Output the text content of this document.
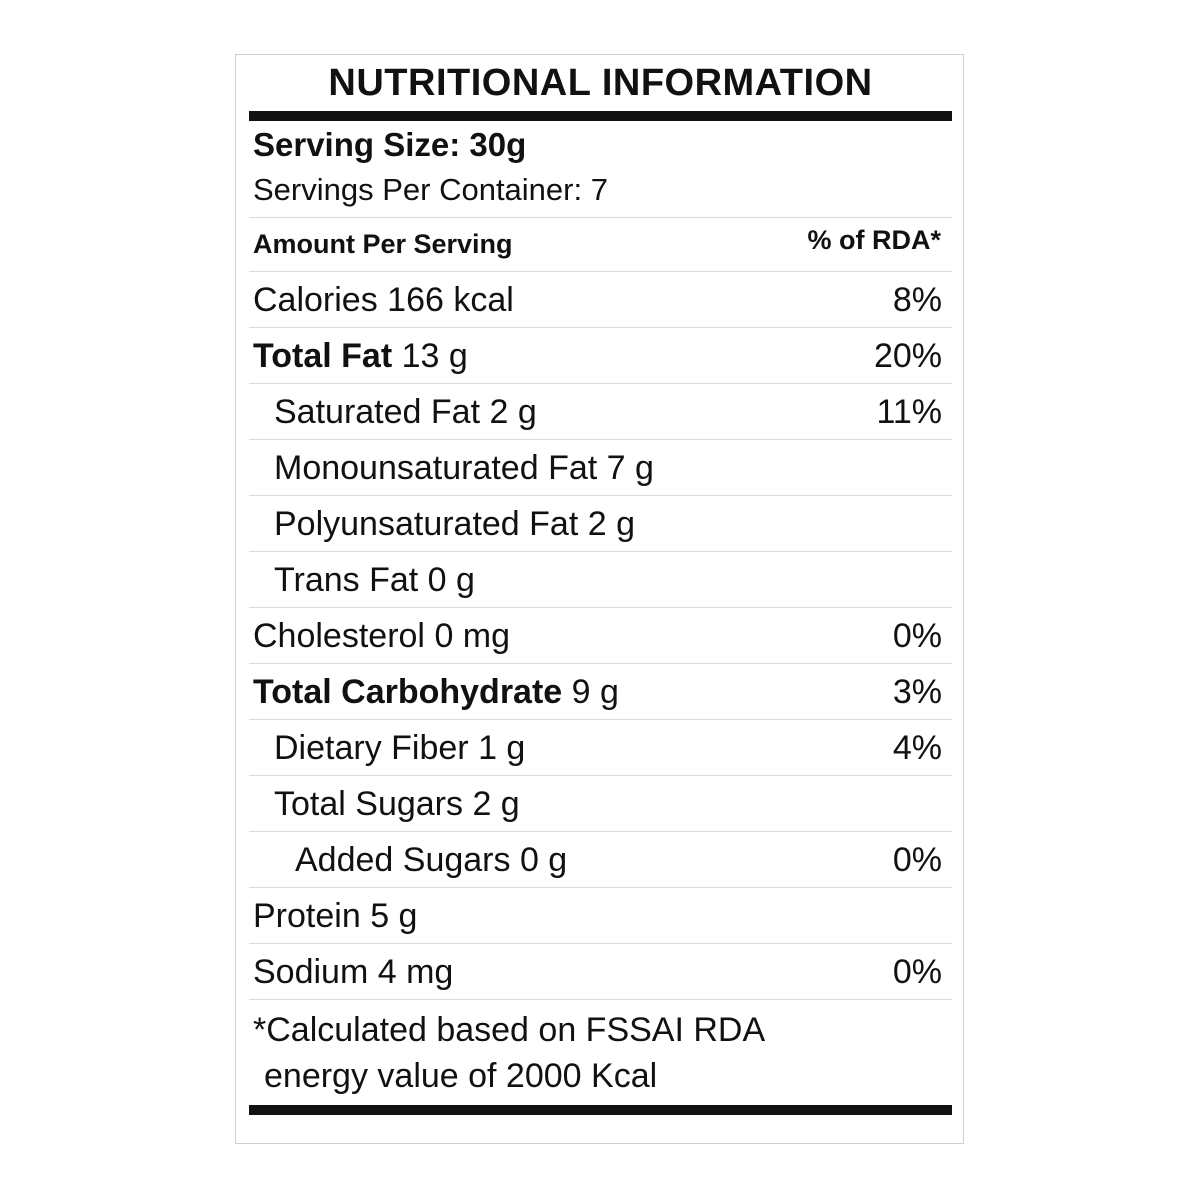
NUTRITIONAL INFORMATION
Serving Size: 30g
Servings Per Container: 7
Amount Per Serving	% of RDA*
Calories 166 kcal	8%
Total Fat 13 g	20%
Saturated Fat 2 g	11%
Monounsaturated Fat 7 g
Polyunsaturated Fat 2 g
Trans Fat 0 g
Cholesterol 0 mg	0%
Total Carbohydrate 9 g	3%
Dietary Fiber 1 g	4%
Total Sugars 2 g
Added Sugars 0 g	0%
Protein 5 g
Sodium 4 mg	0%
*Calculated based on FSSAI RDA
energy value of 2000 Kcal
